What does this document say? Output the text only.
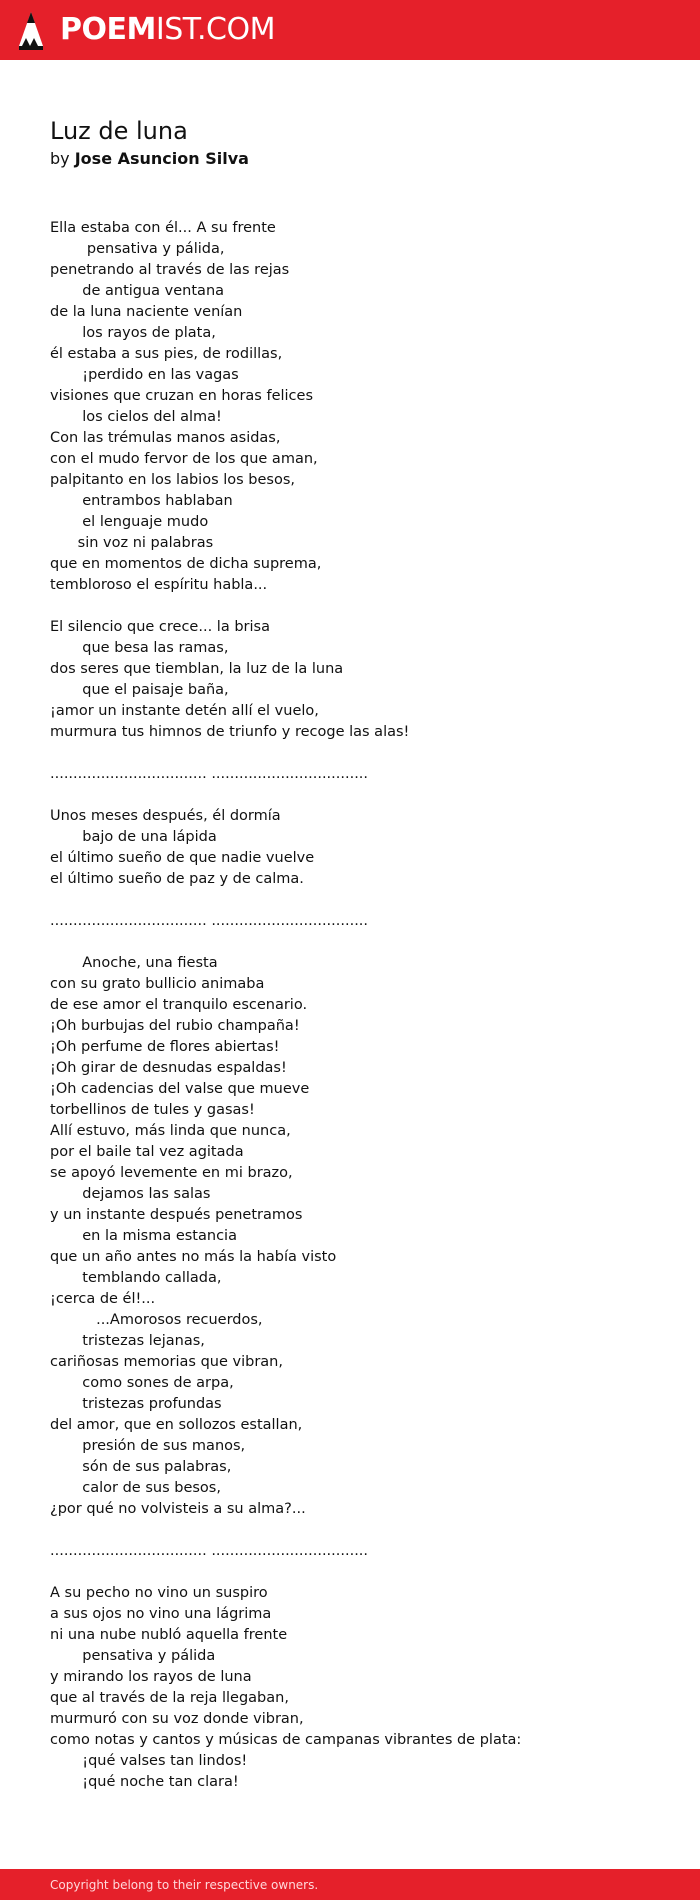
POEMIST.COM
Luz de luna
by Jose Asuncion Silva
Ella estaba con él... A su frente
pensativa y pálida,
penetrando al través de las rejas
de antigua ventana
de la luna naciente venían
los rayos de plata,
él estaba a sus pies, de rodillas,
¡perdido en las vagas
visiones que cruzan en horas felices
los cielos del alma!
Con las trémulas manos asidas,
con el mudo fervor de los que aman,
palpitanto en los labios los besos,
entrambos hablaban
el lenguaje mudo
sin voz ni palabras
que en momentos de dicha suprema,
tembloroso el espíritu habla...
El silencio que crece... la brisa
que besa las ramas,
dos seres que tiemblan, la luz de la luna
que el paisaje baña,
¡amor un instante detén allí el vuelo,
murmura tus himnos de triunfo y recoge las alas!
.................................. ..................................
Unos meses después, él dormía
bajo de una lápida
el último sueño de que nadie vuelve
el último sueño de paz y de calma.
.................................. ..................................
Anoche, una fiesta
con su grato bullicio animaba
de ese amor el tranquilo escenario.
¡Oh burbujas del rubio champaña!
¡Oh perfume de flores abiertas!
¡Oh girar de desnudas espaldas!
¡Oh cadencias del valse que mueve
torbellinos de tules y gasas!
Allí estuvo, más linda que nunca,
por el baile tal vez agitada
se apoyó levemente en mi brazo,
dejamos las salas
y un instante después penetramos
en la misma estancia
que un año antes no más la había visto
temblando callada,
¡cerca de él!...
...Amorosos recuerdos,
tristezas lejanas,
cariñosas memorias que vibran,
como sones de arpa,
tristezas profundas
del amor, que en sollozos estallan,
presión de sus manos,
són de sus palabras,
calor de sus besos,
¿por qué no volvisteis a su alma?...
.................................. ..................................
A su pecho no vino un suspiro
a sus ojos no vino una lágrima
ni una nube nubló aquella frente
pensativa y pálida
y mirando los rayos de luna
que al través de la reja llegaban,
murmuró con su voz donde vibran,
como notas y cantos y músicas de campanas vibrantes de plata:
¡qué valses tan lindos!
¡qué noche tan clara!
Copyright belong to their respective owners.
